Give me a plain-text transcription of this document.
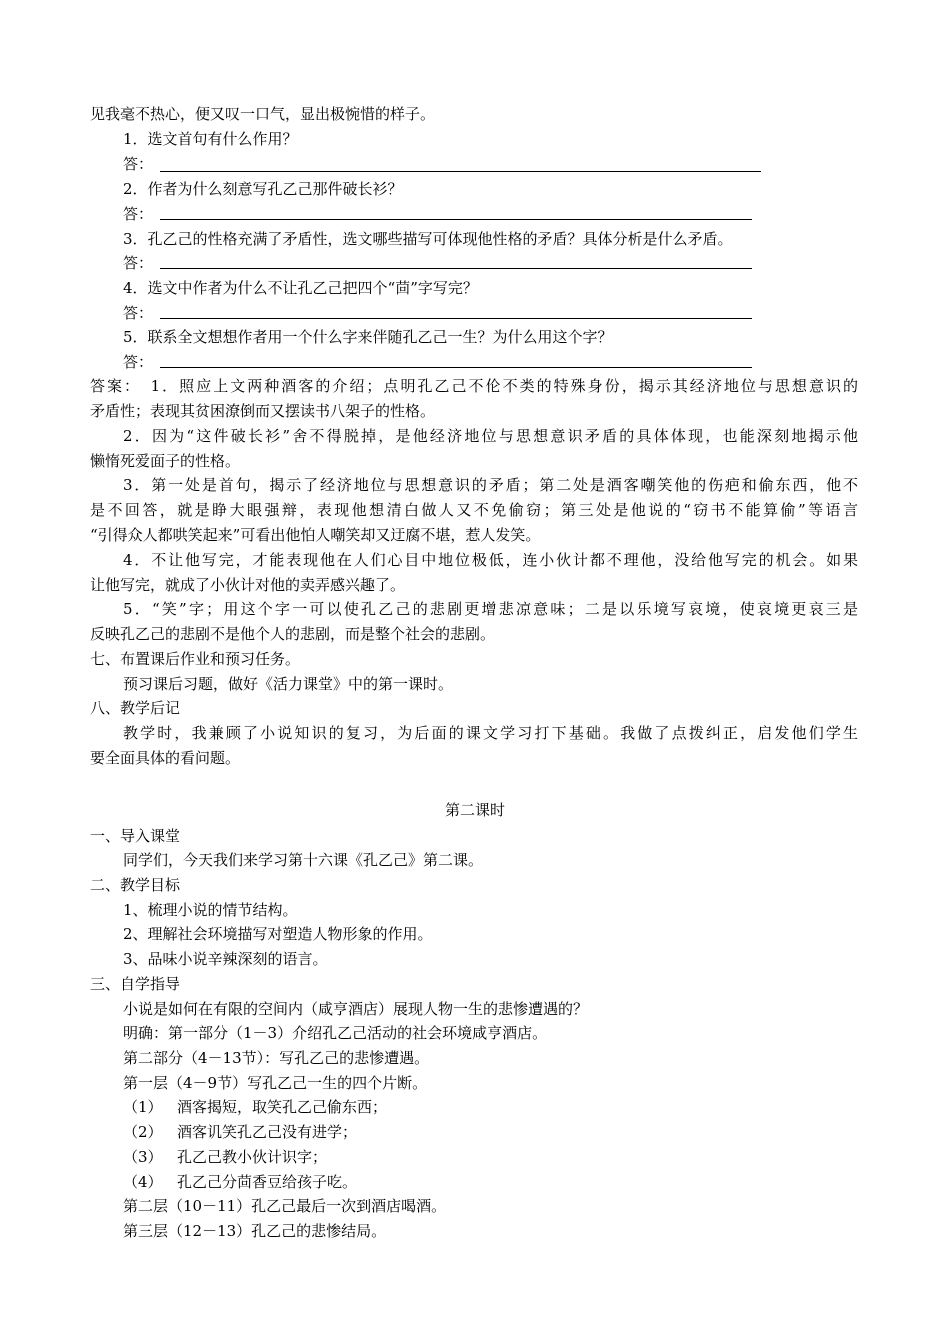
见我毫不热心，便又叹一口气，显出极惋惜的样子。
1．选文首句有什么作用？
答：
2．作者为什么刻意写孔乙己那件破长衫？
答：
3．孔乙己的性格充满了矛盾性，选文哪些描写可体现他性格的矛盾？具体分析是什么矛盾。
答：
4．选文中作者为什么不让孔乙己把四个“茴”字写完？
答：
5．联系全文想想作者用一个什么字来伴随孔乙己一生？为什么用这个字？
答：
答案：　1．照应上文两种酒客的介绍；点明孔乙己不伦不类的特殊身份，揭示其经济地位与思想意识的
矛盾性；表现其贫困潦倒而又摆读书八架子的性格。
2．因为“这件破长衫”舍不得脱掉，是他经济地位与思想意识矛盾的具体体现，也能深刻地揭示他
懒惰死爱面子的性格。
3．第一处是首句，揭示了经济地位与思想意识的矛盾；第二处是酒客嘲笑他的伤疤和偷东西，他不
是不回答，就是睁大眼强辩，表现他想清白做人又不免偷窃；第三处是他说的“窃书不能算偷”等语言
“引得众人都哄笑起来”可看出他怕人嘲笑却又迂腐不堪，惹人发笑。
4．不让他写完，才能表现他在人们心目中地位极低，连小伙计都不理他，没给他写完的机会。如果
让他写完，就成了小伙计对他的卖弄感兴趣了。
5．“笑”字；用这个字一可以使孔乙己的悲剧更增悲凉意味；二是以乐境写哀境，使哀境更哀三是
反映孔乙己的悲剧不是他个人的悲剧，而是整个社会的悲剧。
七、布置课后作业和预习任务。
预习课后习题，做好《活力课堂》中的第一课时。
八、教学后记
教学时，我兼顾了小说知识的复习，为后面的课文学习打下基础。我做了点拨纠正，启发他们学生
要全面具体的看问题。
第二课时
一、导入课堂
同学们，今天我们来学习第十六课《孔乙己》第二课。
二、教学目标
1、梳理小说的情节结构。
2、理解社会环境描写对塑造人物形象的作用。
3、品味小说辛辣深刻的语言。
三、自学指导
小说是如何在有限的空间内（咸亨酒店）展现人物一生的悲惨遭遇的？
明确：第一部分（1－3）介绍孔乙己活动的社会环境咸亨酒店。
第二部分（4－13节）：写孔乙己的悲惨遭遇。
第一层（4－9节）写孔乙己一生的四个片断。
（1） 酒客揭短，取笑孔乙己偷东西；
（2） 酒客讥笑孔乙己没有进学；
（3） 孔乙己教小伙计识字；
（4） 孔乙己分茴香豆给孩子吃。
第二层（10－11）孔乙己最后一次到酒店喝酒。
第三层（12－13）孔乙己的悲惨结局。
